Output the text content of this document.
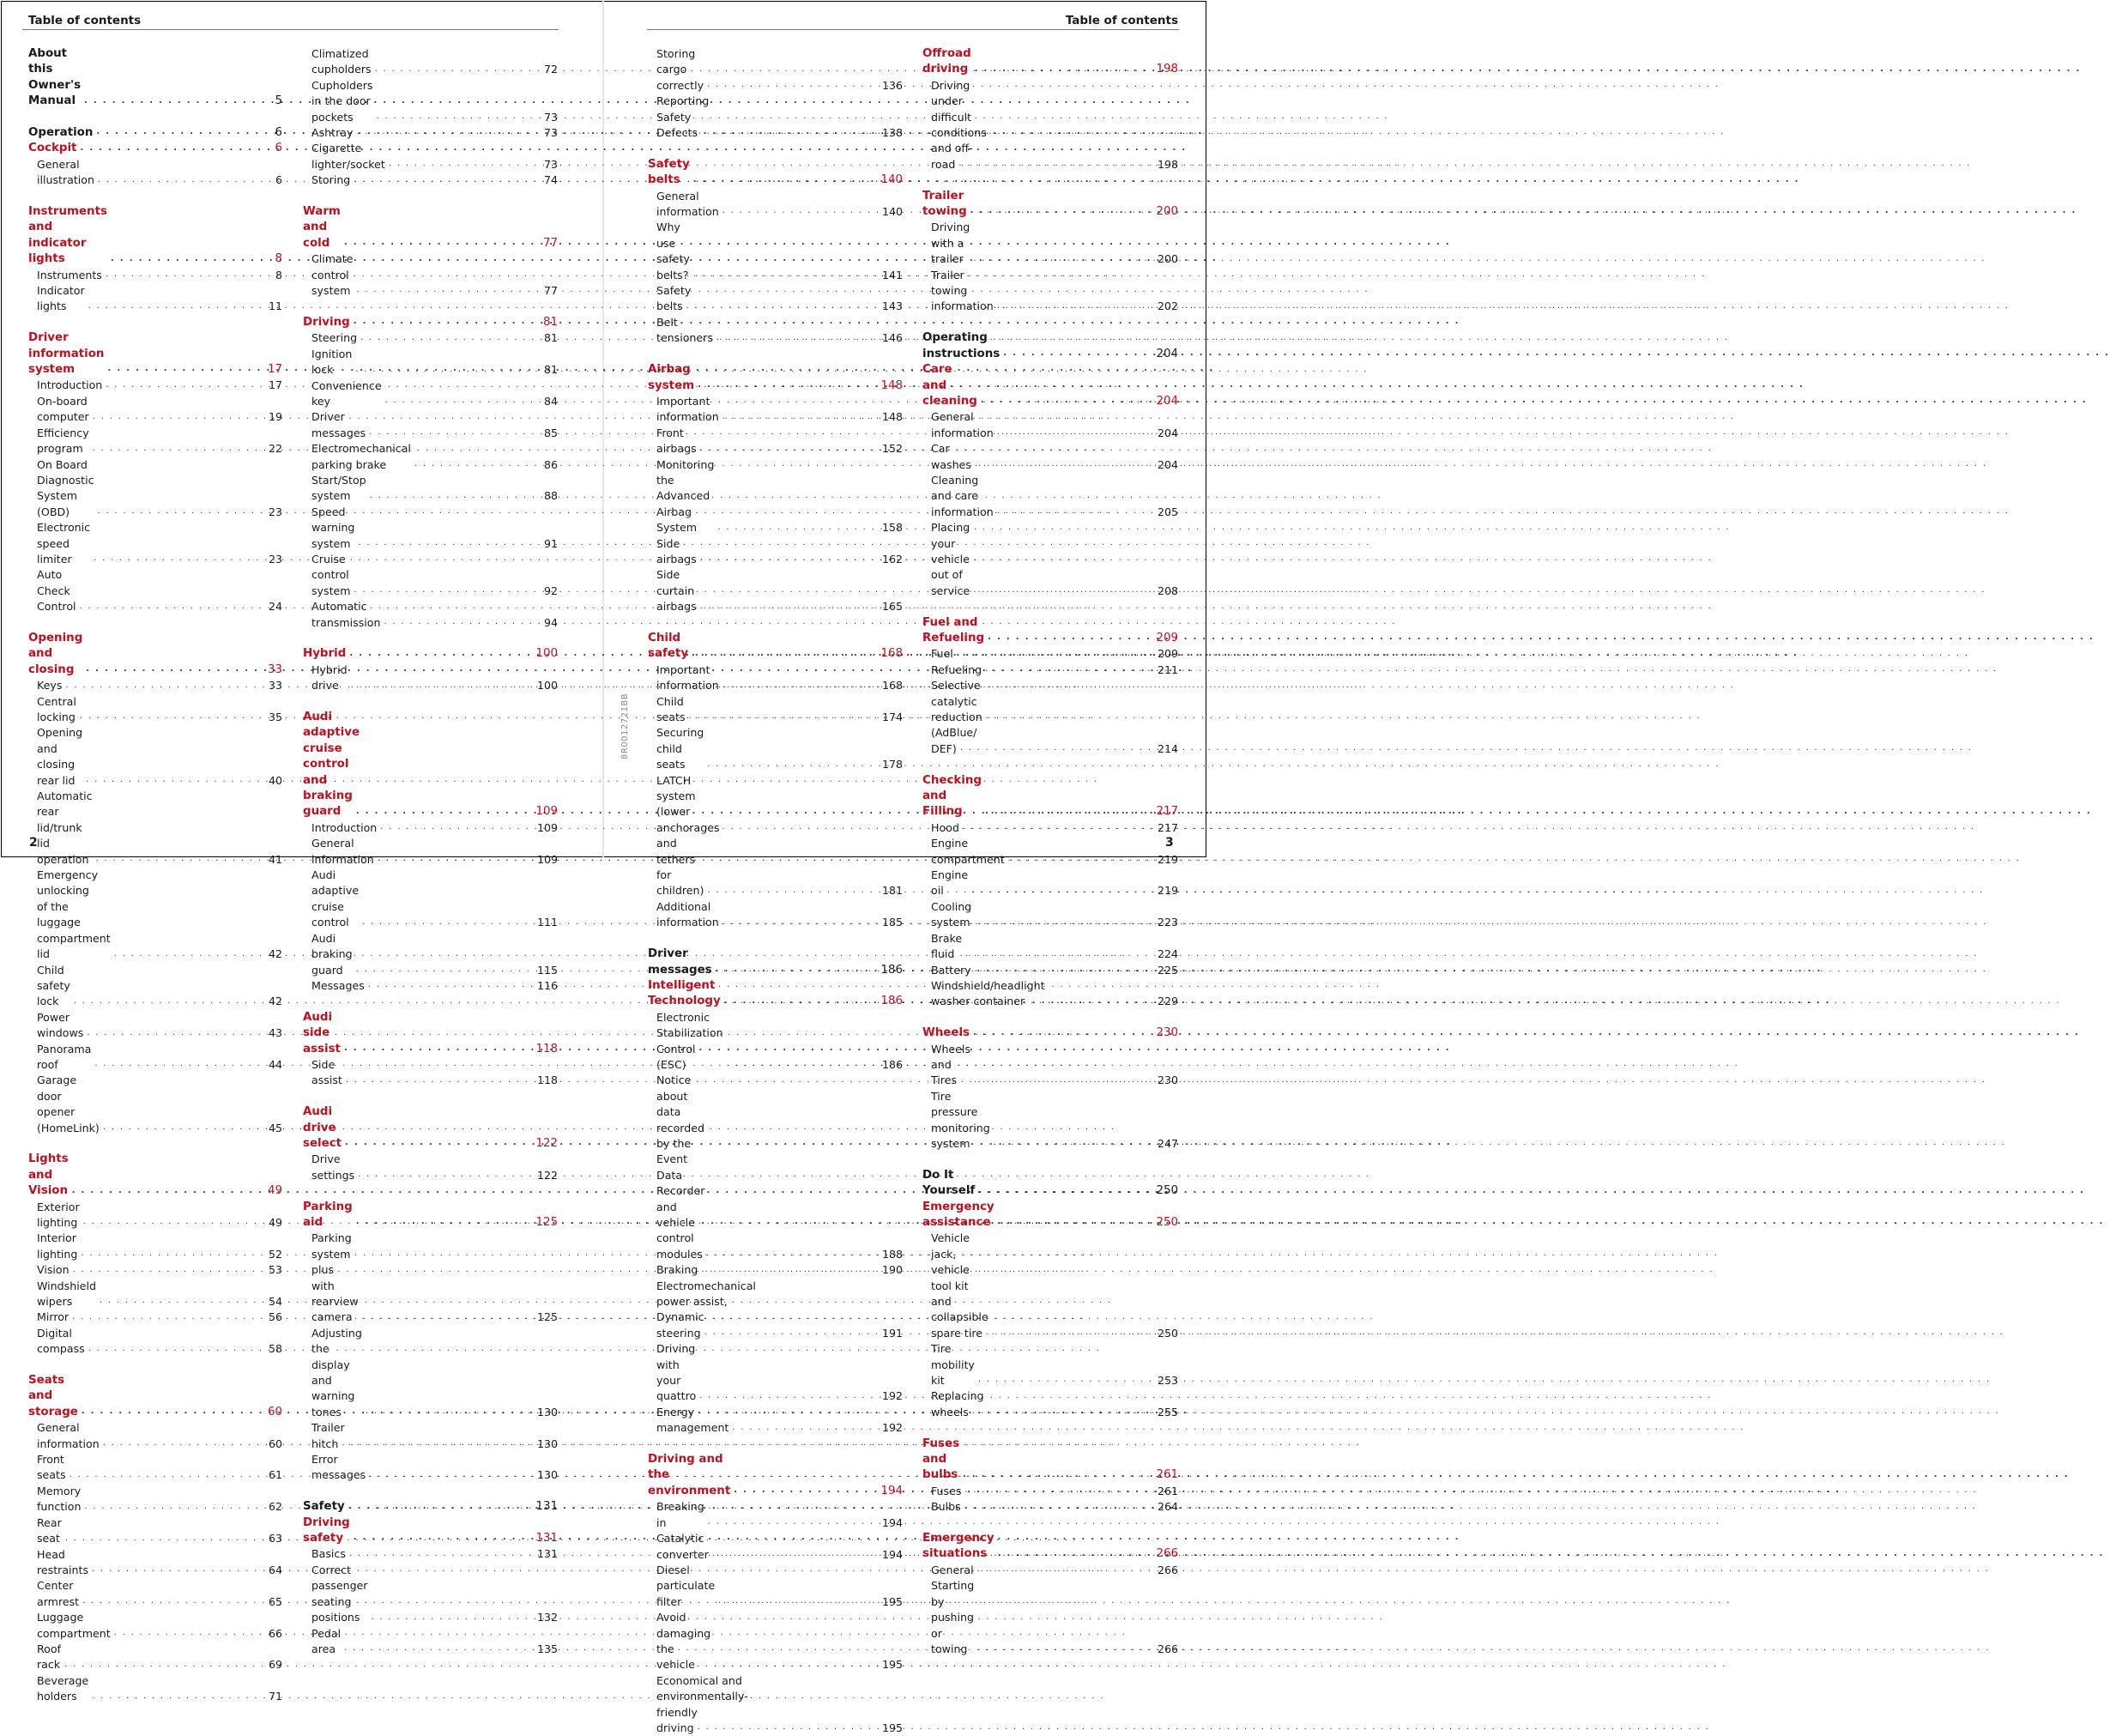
Table of contents	Table of contents
About this Owner's Manual . . .	5
Operation . . .	6
Cockpit . . .	6
General illustration . . .	6
Instruments and indicator lights . . .	8
Instruments . . .	8
Indicator lights . . .	11
Driver information system . . .	17
Introduction . . .	17
On-board computer . . .	19
Efficiency program . . .	22
On Board Diagnostic System (OBD) . . .	23
Electronic speed limiter . . .	23
Auto Check Control . . .	24
Opening and closing . . .	33
Keys . . .	33
Central locking . . .	35
Opening and closing rear lid . . .	40
Automatic rear lid/trunk lid operation . . .	41
Emergency unlocking of the luggage
compartment lid . . .	42
Child safety lock . . .	42
Power windows . . .	43
Panorama roof . . .	44
Garage door opener (HomeLink) . . .	45
Lights and Vision . . .	49
Exterior lighting . . .	49
Interior lighting . . .	52
Vision . . .	53
Windshield wipers . . .	54
Mirror . . .	56
Digital compass . . .	58
Seats and storage . . .	60
General information . . .	60
Front seats . . .	61
Memory function . . .	62
Rear seat . . .	63
Head restraints . . .	64
Center armrest . . .	65
Luggage compartment . . .	66
Roof rack . . .	69
Beverage holders . . .	71
Climatized cupholders . . .	72
Cupholders in the door pockets . . .	73
Ashtray . . .	73
Cigarette lighter/socket . . .	73
Storing . . .	74
Warm and cold . . .	77
Climate control system . . .	77
Driving . . .	81
Steering . . .	81
Ignition lock . . .	81
Convenience key . . .	84
Driver messages . . .	85
Electromechanical parking brake . . .	86
Start/Stop system . . .	88
Speed warning system . . .	91
Cruise control system . . .	92
Automatic transmission . . .	94
Hybrid . . .	100
Hybrid drive . . .	100
Audi adaptive cruise control and
braking guard . . .	109
Introduction . . .	109
General information . . .	109
Audi adaptive cruise control . . .	111
Audi braking guard . . .	115
Messages . . .	116
Audi side assist . . .	118
Side assist . . .	118
Audi drive select . . .	122
Drive settings . . .	122
Parking aid . . .	125
Parking system plus with rearview camera . . .	125
Adjusting the display and warning tones . . .	130
Trailer hitch . . .	130
Error messages . . .	130
Safety . . .	131
Driving safety . . .	131
Basics . . .	131
Correct passenger seating positions . . .	132
Pedal area . . .	135
Storing cargo correctly . . .	136
Reporting Safety Defects . . .	138
Safety belts . . .	140
General information . . .	140
Why use safety belts? . . .	141
Safety belts . . .	143
Belt tensioners . . .	146
Airbag system . . .	148
Important information . . .	148
Front airbags . . .	152
Monitoring the Advanced Airbag System . . .	158
Side airbags . . .	162
Side curtain airbags . . .	165
Child safety . . .	168
Important information . . .	168
Child seats . . .	174
Securing child seats . . .	178
LATCH system (lower anchorages and
tethers for children) . . .	181
Additional information . . .	185
Driver messages . . .	186
Intelligent Technology . . .	186
Electronic Stabilization Control (ESC) . . .	186
Notice about data recorded by the Event
Data Recorder and vehicle control
modules . . .	188
Braking . . .	190
Electromechanical power assist, Dynamic
steering . . .	191
Driving with your quattro . . .	192
Energy management . . .	192
Driving and the environment . . .	194
Breaking in . . .	194
Catalytic converter . . .	194
Diesel particulate filter . . .	195
Avoid damaging the vehicle . . .	195
Economical and environmentally-friendly
driving . . .	195
Offroad driving . . .	198
Driving under difficult conditions and off-
road . . .	198
Trailer towing . . .	200
Driving with a trailer . . .	200
Trailer towing information . . .	202
Operating instructions . . .	204
Care and cleaning . . .	204
General information . . .	204
Car washes . . .	204
Cleaning and care information . . .	205
Placing your vehicle out of service . . .	208
Fuel and Refueling . . .	209
Fuel . . .	209
Refueling . . .	211
Selective catalytic reduction (AdBlue/
DEF) . . .	214
Checking and Filling . . .	217
Hood . . .	217
Engine compartment . . .	219
Engine oil . . .	219
Cooling system . . .	223
Brake fluid . . .	224
Battery . . .	225
Windshield/headlight washer container . . .	229
Wheels . . .	230
Wheels and Tires . . .	230
Tire pressure monitoring system . . .	247
Do It Yourself . . .	250
Emergency assistance . . .	250
Vehicle jack, vehicle tool kit and
collapsible spare tire . . .	250
Tire mobility kit . . .	253
Replacing wheels . . .	255
Fuses and bulbs . . .	261
Fuses . . .	261
Bulbs . . .	264
Emergency situations . . .	266
General . . .	266
Starting by pushing or towing . . .	266
8R0012721BB
2	3
